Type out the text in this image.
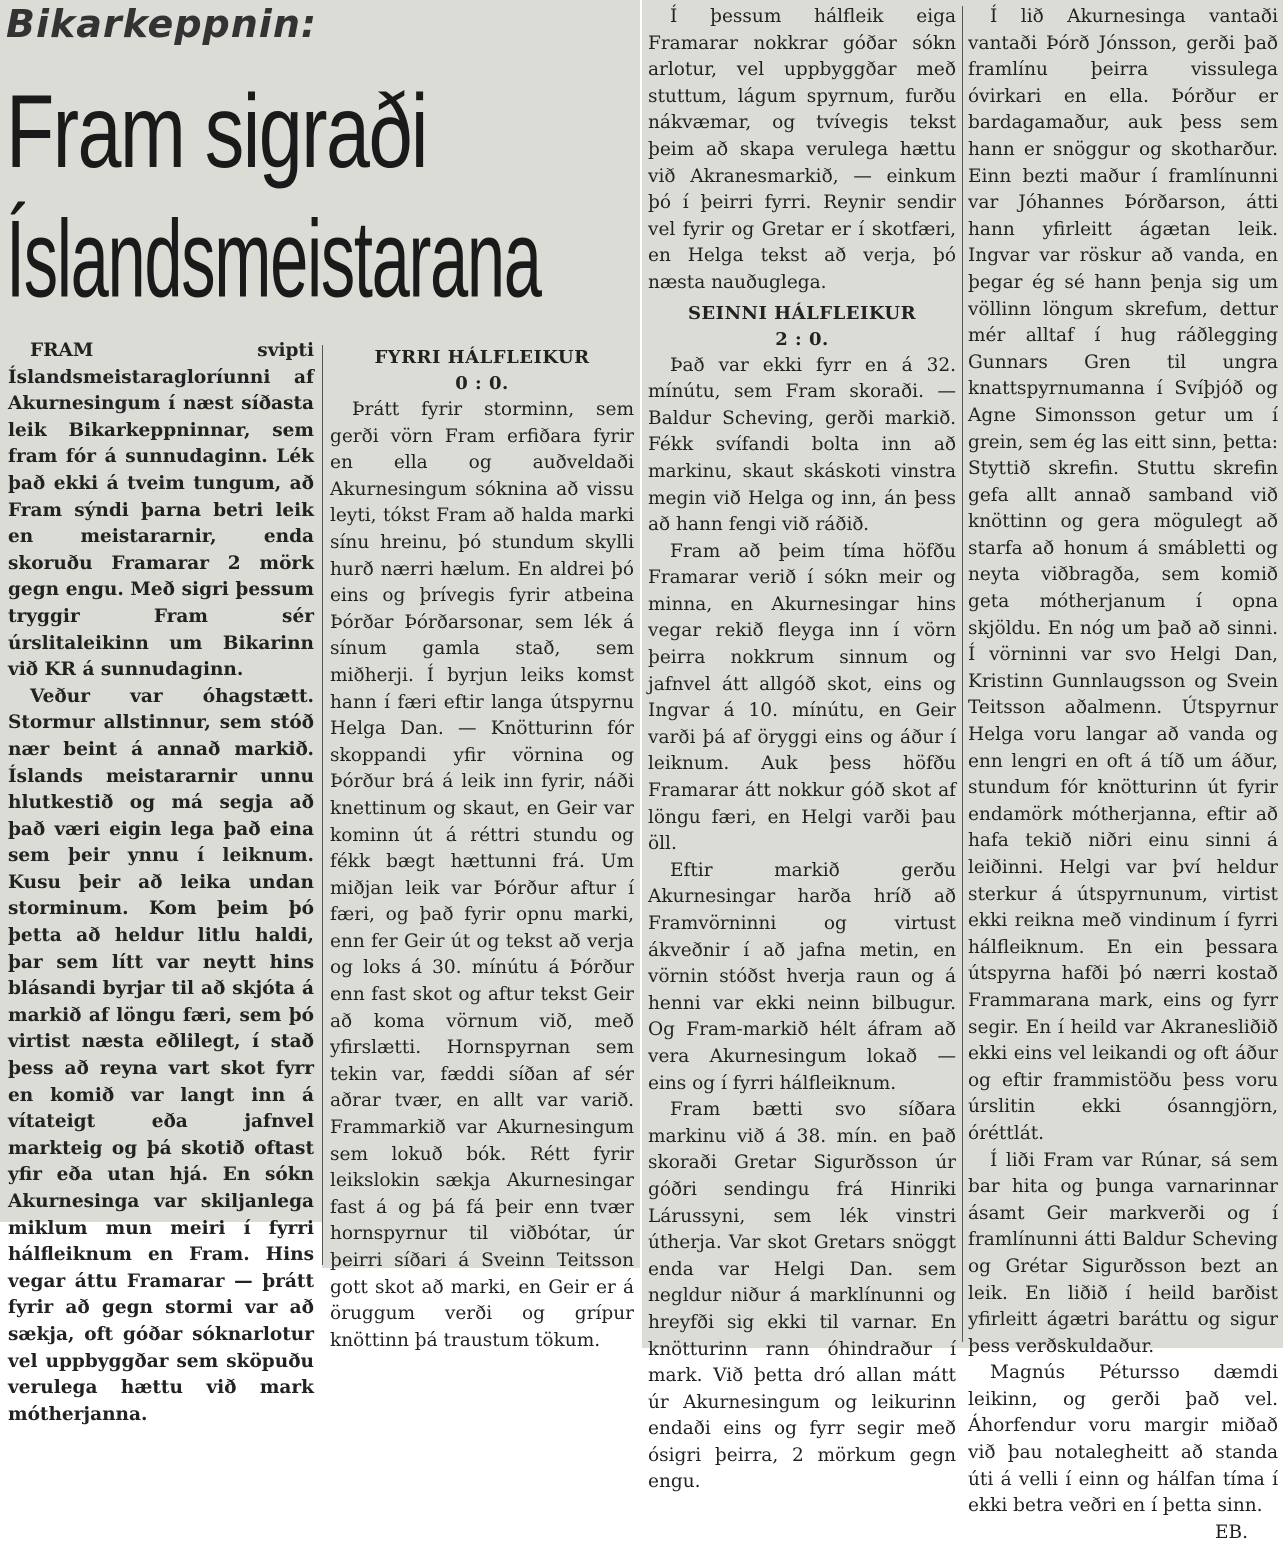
Bikarkeppnin:
Fram sigraði
Íslandsmeistarana

FRAM svipti Íslandsmeistaragloríunni af Akurnesingum í næst síðasta leik Bikarkeppninnar, sem fram fór á sunnudaginn. Lék það ekki á tveim tungum, að Fram sýndi þarna betri leik en meistararnir, enda skoruðu Framarar 2 mörk gegn engu. Með sigri þessum tryggir Fram sér úrslitaleikinn um Bikarinn við KR á sunnudaginn.

Veður var óhagstætt. Stormur allstinnur, sem stóð nær beint á annað markið. Íslands meistararnir unnu hlutkestið og má segja að það væri eigin lega það eina sem þeir ynnu í leiknum. Kusu þeir að leika undan storminum. Kom þeim þó þetta að heldur litlu haldi, þar sem lítt var neytt hins blásandi byrjar til að skjóta á markið af löngu færi, sem þó virtist næsta eðlilegt, í stað þess að reyna vart skot fyrr en komið var langt inn á vítateigt eða jafnvel markteig og þá skotið oftast yfir eða utan hjá. En sókn Akurnesinga var skiljanlega miklum mun meiri í fyrri hálfleiknum en Fram. Hins vegar áttu Framarar — þrátt fyrir að gegn stormi var að sækja, oft góðar sóknarlotur vel uppbyggðar sem sköpuðu verulega hættu við mark mótherjanna.

FYRRI HÁLFLEIKUR

0 : 0.

Þrátt fyrir storminn, sem gerði vörn Fram erfiðara fyrir en ella og auðveldaði Akurnesingum sóknina að vissu leyti, tókst Fram að halda marki sínu hreinu, þó stundum skylli hurð nærri hælum. En aldrei þó eins og þrívegis fyrir atbeina Þórðar Þórðarsonar, sem lék á sínum gamla stað, sem miðherji. Í byrjun leiks komst hann í færi eftir langa útspyrnu Helga Dan. — Knötturinn fór skoppandi yfir vörnina og Þórður brá á leik inn fyrir, náði knettinum og skaut, en Geir var kominn út á réttri stundu og fékk bægt hættunni frá. Um miðjan leik var Þórður aftur í færi, og það fyrir opnu marki, enn fer Geir út og tekst að verja og loks á 30. mínútu á Þórður enn fast skot og aftur tekst Geir að koma vörnum við, með yfirslætti. Hornspyrnan sem tekin var, fæddi síðan af sér aðrar tvær, en allt var varið. Frammarkið var Akurnesingum sem lokuð bók. Rétt fyrir leikslokin sækja Akurnesingar fast á og þá fá þeir enn tvær hornspyrnur til viðbótar, úr þeirri síðari á Sveinn Teitsson gott skot að marki, en Geir er á öruggum verði og grípur knöttinn þá traustum tökum.

Í þessum hálfleik eiga Framarar nokkrar góðar sókn arlotur, vel uppbyggðar með stuttum, lágum spyrnum, furðu nákvæmar, og tvívegis tekst þeim að skapa verulega hættu við Akranesmarkið, — einkum þó í þeirri fyrri. Reynir sendir vel fyrir og Gretar er í skotfæri, en Helga tekst að verja, þó næsta nauðuglega.

SEINNI HÁLFLEIKUR

2 : 0.

Það var ekki fyrr en á 32. mínútu, sem Fram skoraði. — Baldur Scheving, gerði markið. Fékk svífandi bolta inn að markinu, skaut skáskoti vinstra megin við Helga og inn, án þess að hann fengi við ráðið.

Fram að þeim tíma höfðu Framarar verið í sókn meir og minna, en Akurnesingar hins vegar rekið fleyga inn í vörn þeirra nokkrum sinnum og jafnvel átt allgóð skot, eins og Ingvar á 10. mínútu, en Geir varði þá af öryggi eins og áður í leiknum. Auk þess höfðu Framarar átt nokkur góð skot af löngu færi, en Helgi varði þau öll.

Eftir markið gerðu Akurnesingar harða hríð að Framvörninni og virtust ákveðnir í að jafna metin, en vörnin stóðst hverja raun og á henni var ekki neinn bilbugur. Og Fram-markið hélt áfram að vera Akurnesingum lokað — eins og í fyrri hálfleiknum.

Fram bætti svo síðara markinu við á 38. mín. en það skoraði Gretar Sigurðsson úr góðri sendingu frá Hinriki Lárussyni, sem lék vinstri útherja. Var skot Gretars snöggt enda var Helgi Dan. sem negldur niður á marklínunni og hreyfði sig ekki til varnar. En knötturinn rann óhindraður í mark. Við þetta dró allan mátt úr Akurnesingum og leikurinn endaði eins og fyrr segir með ósigri þeirra, 2 mörkum gegn engu.

Í lið Akurnesinga vantaði vantaði Þórð Jónsson, gerði það framlínu þeirra vissulega óvirkari en ella. Þórður er bardagamaður, auk þess sem hann er snöggur og skotharður. Einn bezti maður í framlínunni var Jóhannes Þórðarson, átti hann yfirleitt ágætan leik. Ingvar var röskur að vanda, en þegar ég sé hann þenja sig um völlinn löngum skrefum, dettur mér alltaf í hug ráðlegging Gunnars Gren til ungra knattspyrnumanna í Svíþjóð og Agne Simonsson getur um í grein, sem ég las eitt sinn, þetta: Styttið skrefin. Stuttu skrefin gefa allt annað samband við knöttinn og gera mögulegt að starfa að honum á smábletti og neyta viðbragða, sem komið geta mótherjanum í opna skjöldu. En nóg um það að sinni. Í vörninni var svo Helgi Dan, Kristinn Gunnlaugsson og Svein Teitsson aðalmenn. Útspyrnur Helga voru langar að vanda og enn lengri en oft á tíð um áður, stundum fór knötturinn út fyrir endamörk mótherjanna, eftir að hafa tekið niðri einu sinni á leiðinni. Helgi var því heldur sterkur á útspyrnunum, virtist ekki reikna með vindinum í fyrri hálfleiknum. En ein þessara útspyrna hafði þó nærri kostað Frammarana mark, eins og fyrr segir. En í heild var Akranesliðið ekki eins vel leikandi og oft áður og eftir frammistöðu þess voru úrslitin ekki ósanngjörn, óréttlát.

Í liði Fram var Rúnar, sá sem bar hita og þunga varnarinnar ásamt Geir markverði og í framlínunni átti Baldur Scheving og Grétar Sigurðsson bezt an leik. En liðið í heild barðist yfirleitt ágætri baráttu og sigur þess verðskuldaður.

Magnús Pétursso dæmdi leikinn, og gerði það vel. Áhorfendur voru margir miðað við þau notalegheitt að standa úti á velli í einn og hálfan tíma í ekki betra veðri en í þetta sinn.

EB.
